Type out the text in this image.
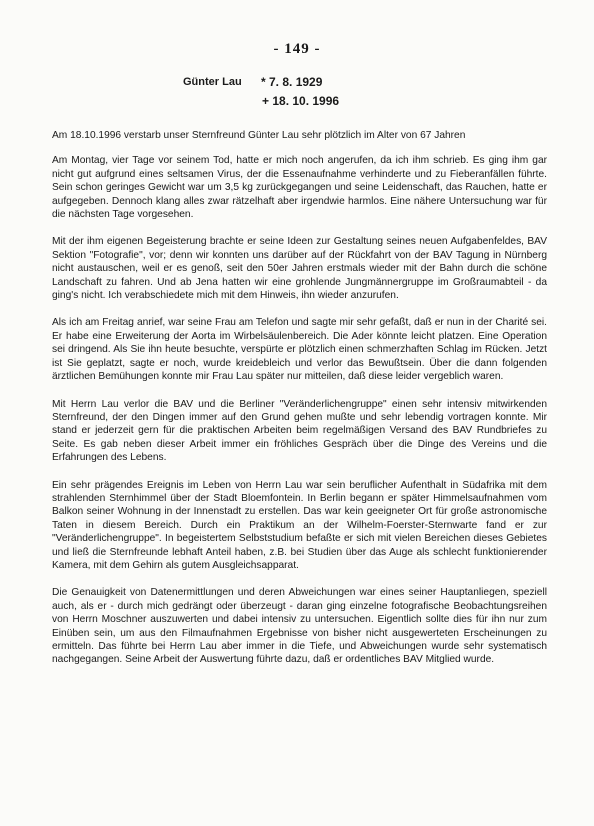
- 149 -
Günter Lau * 7. 8. 1929
+ 18. 10. 1996

Am 18.10.1996 verstarb unser Sternfreund Günter Lau sehr plötzlich im Alter von 67 Jahren

Am Montag, vier Tage vor seinem Tod, hatte er mich noch angerufen, da ich ihm schrieb. Es ging ihm gar nicht gut aufgrund eines seltsamen Virus, der die Essenaufnahme verhinderte und zu Fieberanfällen führte. Sein schon geringes Gewicht war um 3,5 kg zurückgegangen und seine Leidenschaft, das Rauchen, hatte er aufgegeben. Dennoch klang alles zwar rätzelhaft aber irgendwie harmlos. Eine nähere Untersuchung war für die nächsten Tage vorgesehen.

Mit der ihm eigenen Begeisterung brachte er seine Ideen zur Gestaltung seines neuen Aufgabenfeldes, BAV Sektion "Fotografie", vor; denn wir konnten uns darüber auf der Rückfahrt von der BAV Tagung in Nürnberg nicht austauschen, weil er es genoß, seit den 50er Jahren erstmals wieder mit der Bahn durch die schöne Landschaft zu fahren. Und ab Jena hatten wir eine grohlende Jungmännergruppe im Großraumabteil - da ging's nicht. Ich verabschiedete mich mit dem Hinweis, ihn wieder anzurufen.

Als ich am Freitag anrief, war seine Frau am Telefon und sagte mir sehr gefaßt, daß er nun in der Charité sei. Er habe eine Erweiterung der Aorta im Wirbelsäulenbereich. Die Ader könnte leicht platzen. Eine Operation sei dringend. Als Sie ihn heute besuchte, verspürte er plötzlich einen schmerzhaften Schlag im Rücken. Jetzt ist Sie geplatzt, sagte er noch, wurde kreidebleich und verlor das Bewußtsein. Über die dann folgenden ärztlichen Bemühungen konnte mir Frau Lau später nur mitteilen, daß diese leider vergeblich waren.

Mit Herrn Lau verlor die BAV und die Berliner "Veränderlichengruppe" einen sehr intensiv mitwirkenden Sternfreund, der den Dingen immer auf den Grund gehen mußte und sehr lebendig vortragen konnte. Mir stand er jederzeit gern für die praktischen Arbeiten beim regelmäßigen Versand des BAV Rundbriefes zu Seite. Es gab neben dieser Arbeit immer ein fröhliches Gespräch über die Dinge des Vereins und die Erfahrungen des Lebens.

Ein sehr prägendes Ereignis im Leben von Herrn Lau war sein beruflicher Aufenthalt in Südafrika mit dem strahlenden Sternhimmel über der Stadt Bloemfontein. In Berlin begann er später Himmelsaufnahmen vom Balkon seiner Wohnung in der Innenstadt zu erstellen. Das war kein geeigneter Ort für große astronomische Taten in diesem Bereich. Durch ein Praktikum an der Wilhelm-Foerster-Sternwarte fand er zur "Veränderlichengruppe". In begeistertem Selbststudium befaßte er sich mit vielen Bereichen dieses Gebietes und ließ die Sternfreunde lebhaft Anteil haben, z.B. bei Studien über das Auge als schlecht funktionierender Kamera, mit dem Gehirn als gutem Ausgleichsapparat.

Die Genauigkeit von Datenermittlungen und deren Abweichungen war eines seiner Hauptanliegen, speziell auch, als er - durch mich gedrängt oder überzeugt - daran ging einzelne fotografische Beobachtungsreihen von Herrn Moschner auszuwerten und dabei intensiv zu untersuchen. Eigentlich sollte dies für ihn nur zum Einüben sein, um aus den Filmaufnahmen Ergebnisse von bisher nicht ausgewerteten Erscheinungen zu ermitteln. Das führte bei Herrn Lau aber immer in die Tiefe, und Abweichungen wurde sehr systematisch nachgegangen. Seine Arbeit der Auswertung führte dazu, daß er ordentliches BAV Mitglied wurde.
